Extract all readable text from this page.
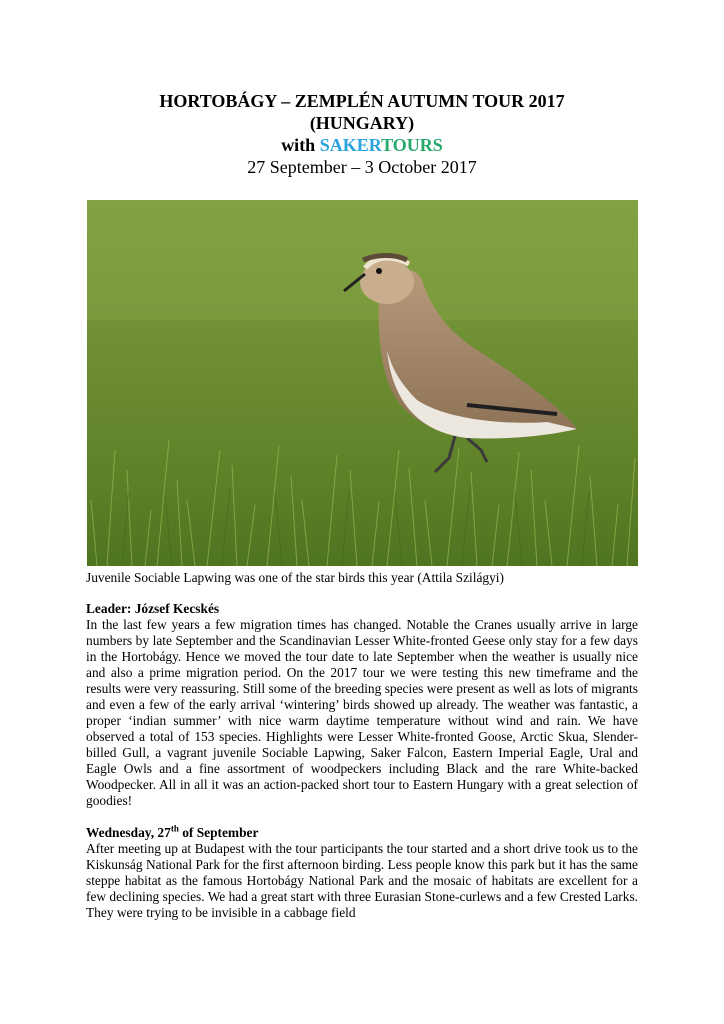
HORTOBÁGY – ZEMPLÉN AUTUMN TOUR 2017
(HUNGARY)
with SAKERTOURS
27 September – 3 October 2017
Juvenile Sociable Lapwing was one of the star birds this year (Attila Szilágyi)
Leader: József Kecskés

In the last few years a few migration times has changed. Notable the Cranes usually arrive in large numbers by late September and the Scandinavian Lesser White-fronted Geese only stay for a few days in the Hortobágy. Hence we moved the tour date to late September when the weather is usually nice and also a prime migration period. On the 2017 tour we were testing this new timeframe and the results were very reassuring. Still some of the breeding species were present as well as lots of migrants and even a few of the early arrival ‘wintering’ birds showed up already. The weather was fantastic, a proper ‘indian summer’ with nice warm daytime temperature without wind and rain. We have observed a total of 153 species. Highlights were Lesser White-fronted Goose, Arctic Skua, Slender-billed Gull, a vagrant juvenile Sociable Lapwing, Saker Falcon, Eastern Imperial Eagle, Ural and Eagle Owls and a fine assortment of woodpeckers including Black and the rare White-backed Woodpecker. All in all it was an action-packed short tour to Eastern Hungary with a great selection of goodies!

Wednesday, 27th of September

After meeting up at Budapest with the tour participants the tour started and a short drive took us to the Kiskunság National Park for the first afternoon birding. Less people know this park but it has the same steppe habitat as the famous Hortobágy National Park and the mosaic of habitats are excellent for a few declining species. We had a great start with three Eurasian Stone-curlews and a few Crested Larks. They were trying to be invisible in a cabbage field
